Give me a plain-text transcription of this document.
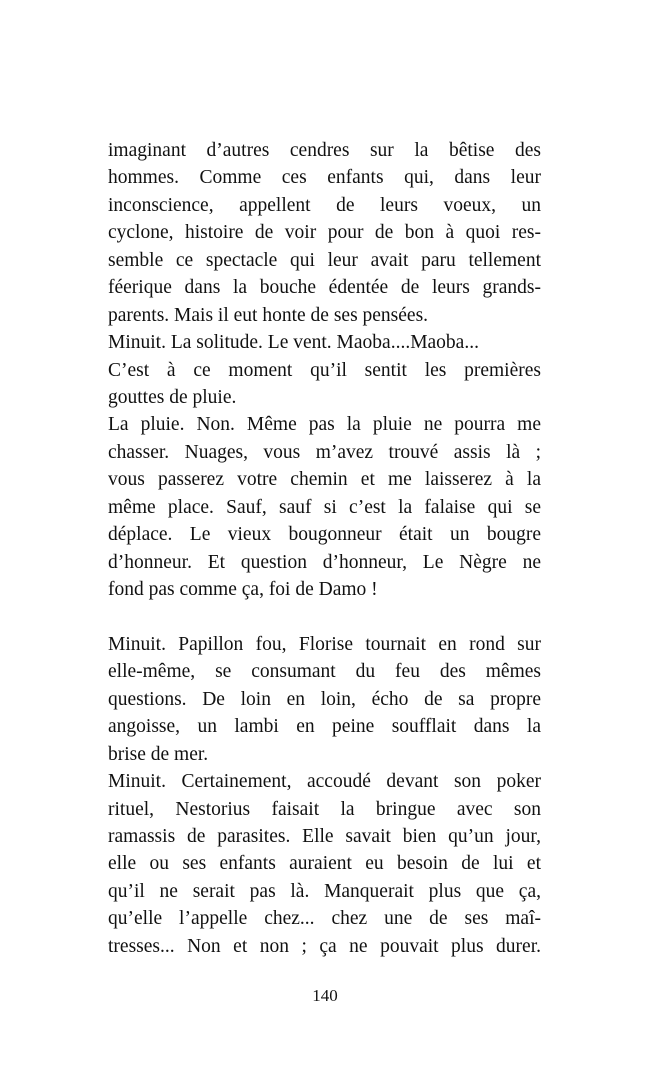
imaginant d’autres cendres sur la bêtise des
hommes. Comme ces enfants qui, dans leur
inconscience, appellent de leurs voeux, un
cyclone, histoire de voir pour de bon à quoi res-
semble ce spectacle qui leur avait paru tellement
féerique dans la bouche édentée de leurs grands-
parents. Mais il eut honte de ses pensées.
Minuit. La solitude. Le vent. Maoba....Maoba...
C’est à ce moment qu’il sentit les premières
gouttes de pluie.
La pluie. Non. Même pas la pluie ne pourra me
chasser. Nuages, vous m’avez trouvé assis là ;
vous passerez votre chemin et me laisserez à la
même place. Sauf, sauf si c’est la falaise qui se
déplace. Le vieux bougonneur était un bougre
d’honneur. Et question d’honneur, Le Nègre ne
fond pas comme ça, foi de Damo !
Minuit. Papillon fou, Florise tournait en rond sur
elle-même, se consumant du feu des mêmes
questions. De loin en loin, écho de sa propre
angoisse, un lambi en peine soufflait dans la
brise de mer.
Minuit. Certainement, accoudé devant son poker
rituel, Nestorius faisait la bringue avec son
ramassis de parasites. Elle savait bien qu’un jour,
elle ou ses enfants auraient eu besoin de lui et
qu’il ne serait pas là. Manquerait plus que ça,
qu’elle l’appelle chez... chez une de ses maî-
tresses... Non et non ; ça ne pouvait plus durer.
140
